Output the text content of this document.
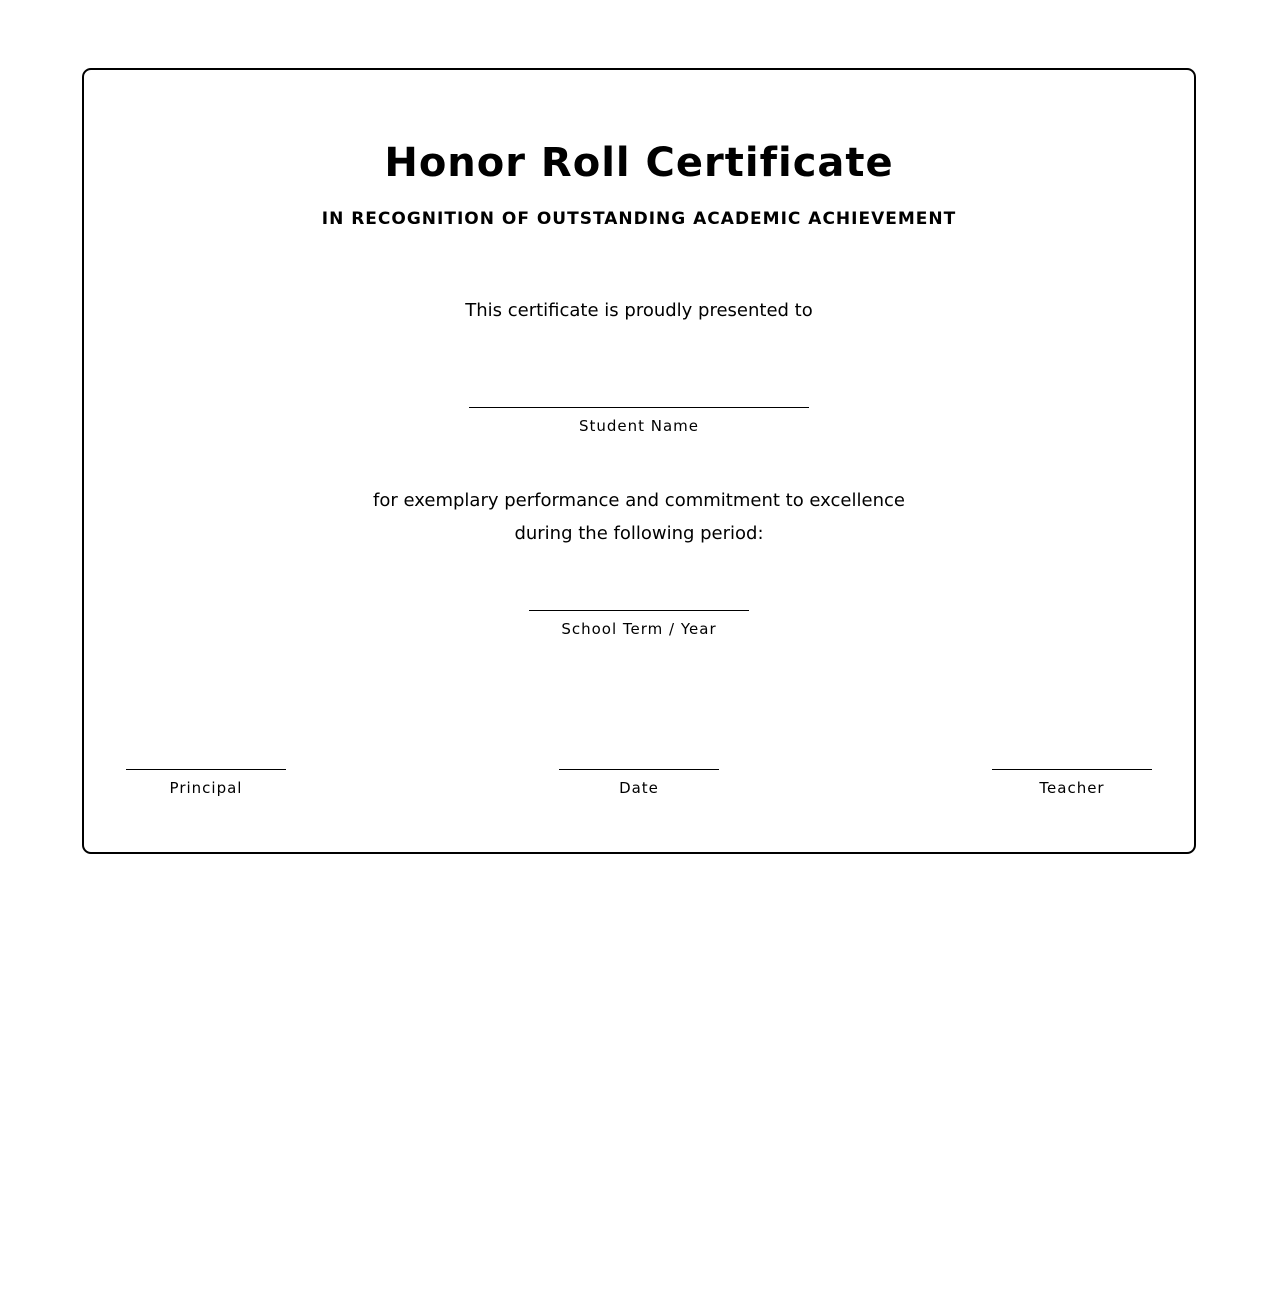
Honor Roll Certificate
IN RECOGNITION OF OUTSTANDING ACADEMIC ACHIEVEMENT
This certificate is proudly presented to
Student Name
for exemplary performance and commitment to excellence
during the following period:
School Term / Year
Principal	Date	Teacher
